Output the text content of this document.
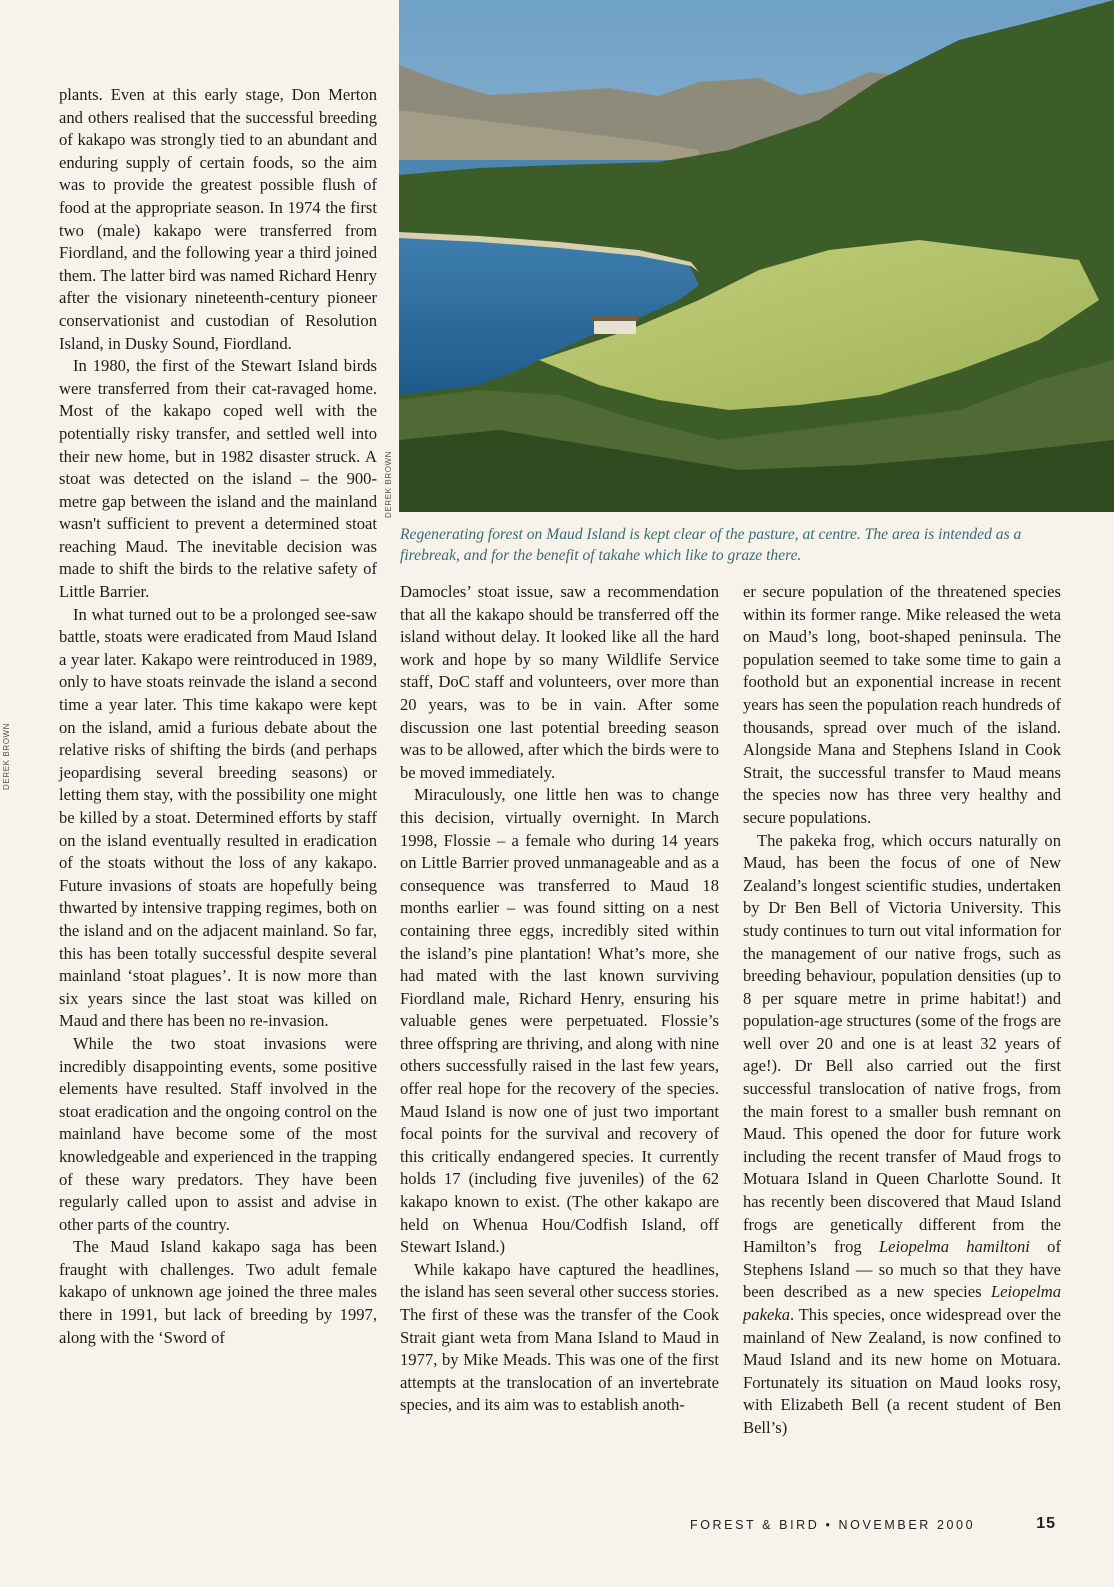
DEREK BROWN
DEREK BROWN

Regenerating forest on Maud Island is kept clear of the pasture, at centre. The area is intended as a firebreak, and for the benefit of takahe which like to graze there.

plants. Even at this early stage, Don Merton and others realised that the successful breeding of kakapo was strongly tied to an abundant and enduring supply of certain foods, so the aim was to provide the greatest possible flush of food at the appropriate season. In 1974 the first two (male) kakapo were transferred from Fiordland, and the following year a third joined them. The latter bird was named Richard Henry after the visionary nineteenth-century pioneer conservationist and custodian of Resolution Island, in Dusky Sound, Fiordland.

In 1980, the first of the Stewart Island birds were transferred from their cat-ravaged home. Most of the kakapo coped well with the potentially risky transfer, and settled well into their new home, but in 1982 disaster struck. A stoat was detected on the island – the 900-metre gap between the island and the mainland wasn't sufficient to prevent a determined stoat reaching Maud. The inevitable decision was made to shift the birds to the relative safety of Little Barrier.

In what turned out to be a prolonged see-saw battle, stoats were eradicated from Maud Island a year later. Kakapo were reintroduced in 1989, only to have stoats reinvade the island a second time a year later. This time kakapo were kept on the island, amid a furious debate about the relative risks of shifting the birds (and perhaps jeopardising several breeding seasons) or letting them stay, with the possibility one might be killed by a stoat. Determined efforts by staff on the island eventually resulted in eradication of the stoats without the loss of any kakapo. Future invasions of stoats are hopefully being thwarted by intensive trapping regimes, both on the island and on the adjacent mainland. So far, this has been totally successful despite several mainland ‘stoat plagues’. It is now more than six years since the last stoat was killed on Maud and there has been no re-invasion.

While the two stoat invasions were incredibly disappointing events, some positive elements have resulted. Staff involved in the stoat eradication and the ongoing control on the mainland have become some of the most knowledgeable and experienced in the trapping of these wary predators. They have been regularly called upon to assist and advise in other parts of the country.

The Maud Island kakapo saga has been fraught with challenges. Two adult female kakapo of unknown age joined the three males there in 1991, but lack of breeding by 1997, along with the ‘Sword of

Damocles’ stoat issue, saw a recommendation that all the kakapo should be transferred off the island without delay. It looked like all the hard work and hope by so many Wildlife Service staff, DoC staff and volunteers, over more than 20 years, was to be in vain. After some discussion one last potential breeding season was to be allowed, after which the birds were to be moved immediately.

Miraculously, one little hen was to change this decision, virtually overnight. In March 1998, Flossie – a female who during 14 years on Little Barrier proved unmanageable and as a consequence was transferred to Maud 18 months earlier – was found sitting on a nest containing three eggs, incredibly sited within the island’s pine plantation! What’s more, she had mated with the last known surviving Fiordland male, Richard Henry, ensuring his valuable genes were perpetuated. Flossie’s three offspring are thriving, and along with nine others successfully raised in the last few years, offer real hope for the recovery of the species. Maud Island is now one of just two important focal points for the survival and recovery of this critically endangered species. It currently holds 17 (including five juveniles) of the 62 kakapo known to exist. (The other kakapo are held on Whenua Hou/Codfish Island, off Stewart Island.)

While kakapo have captured the headlines, the island has seen several other success stories. The first of these was the transfer of the Cook Strait giant weta from Mana Island to Maud in 1977, by Mike Meads. This was one of the first attempts at the translocation of an invertebrate species, and its aim was to establish anoth-

er secure population of the threatened species within its former range. Mike released the weta on Maud’s long, boot-shaped peninsula. The population seemed to take some time to gain a foothold but an exponential increase in recent years has seen the population reach hundreds of thousands, spread over much of the island. Alongside Mana and Stephens Island in Cook Strait, the successful transfer to Maud means the species now has three very healthy and secure populations.

The pakeka frog, which occurs naturally on Maud, has been the focus of one of New Zealand’s longest scientific studies, undertaken by Dr Ben Bell of Victoria University. This study continues to turn out vital information for the management of our native frogs, such as breeding behaviour, population densities (up to 8 per square metre in prime habitat!) and population-age structures (some of the frogs are well over 20 and one is at least 32 years of age!). Dr Bell also carried out the first successful translocation of native frogs, from the main forest to a smaller bush remnant on Maud. This opened the door for future work including the recent transfer of Maud frogs to Motuara Island in Queen Charlotte Sound. It has recently been discovered that Maud Island frogs are genetically different from the Hamilton’s frog Leiopelma hamiltoni of Stephens Island — so much so that they have been described as a new species Leiopelma pakeka. This species, once widespread over the mainland of New Zealand, is now confined to Maud Island and its new home on Motuara. Fortunately its situation on Maud looks rosy, with Elizabeth Bell (a recent student of Ben Bell’s)

FOREST & BIRD • NOVEMBER 2000	15
